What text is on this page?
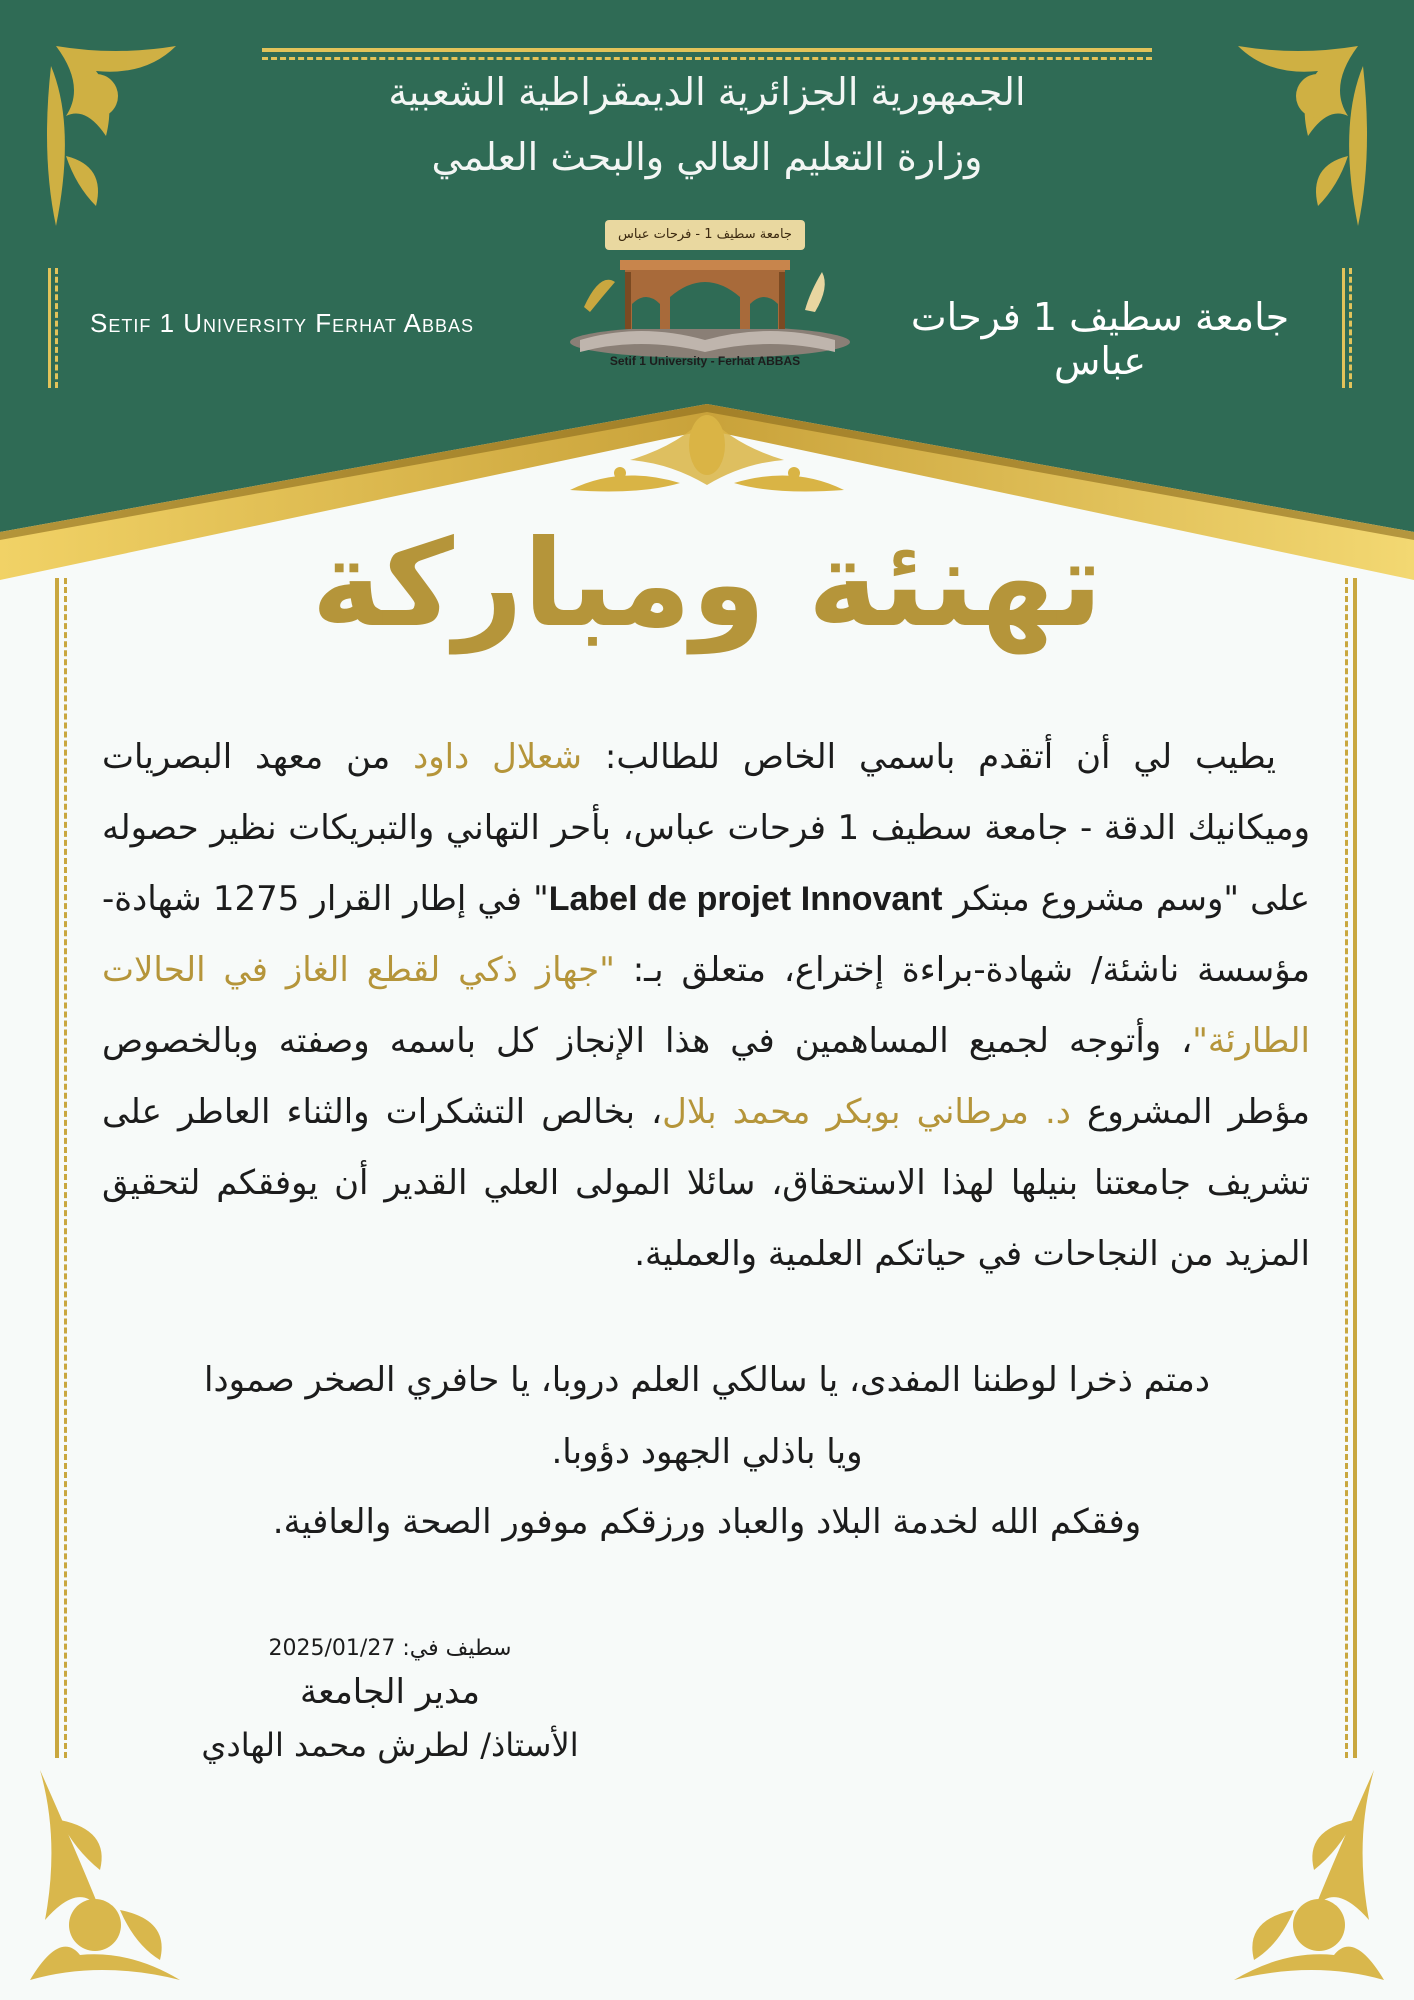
الجمهورية الجزائرية الديمقراطية الشعبية
وزارة التعليم العالي والبحث العلمي
Setif 1 University Ferhat Abbas	جامعة سطيف 1 فرحات عباس
جامعة سطيف 1 - فرحات عباس
Setif 1 University - Ferhat ABBAS
تهنئة ومباركة
 يطيب لي أن أتقدم باسمي الخاص للطالب: شعلال داود من معهد البصريات وميكانيك الدقة - جامعة سطيف 1 فرحات عباس، بأحر التهاني والتبريكات نظير حصوله على "وسم مشروع مبتكر Label de projet Innovant" في إطار القرار 1275 شهادة-مؤسسة ناشئة/ شهادة-براءة إختراع، متعلق بـ: "جهاز ذكي لقطع الغاز في الحالات الطارئة"، وأتوجه لجميع المساهمين في هذا الإنجاز كل باسمه وصفته وبالخصوص مؤطر المشروع د. مرطاني بوبكر محمد بلال، بخالص التشكرات والثناء العاطر على تشريف جامعتنا بنيلها لهذا الاستحقاق، سائلا المولى العلي القدير أن يوفقكم لتحقيق المزيد من النجاحات في حياتكم العلمية والعملية.
دمتم ذخرا لوطننا المفدى، يا سالكي العلم دروبا، يا حافري الصخر صمودا
ويا باذلي الجهود دؤوبا.
وفقكم الله لخدمة البلاد والعباد ورزقكم موفور الصحة والعافية.
سطيف في: 2025/01/27
مدير الجامعة
الأستاذ/ لطرش محمد الهادي
